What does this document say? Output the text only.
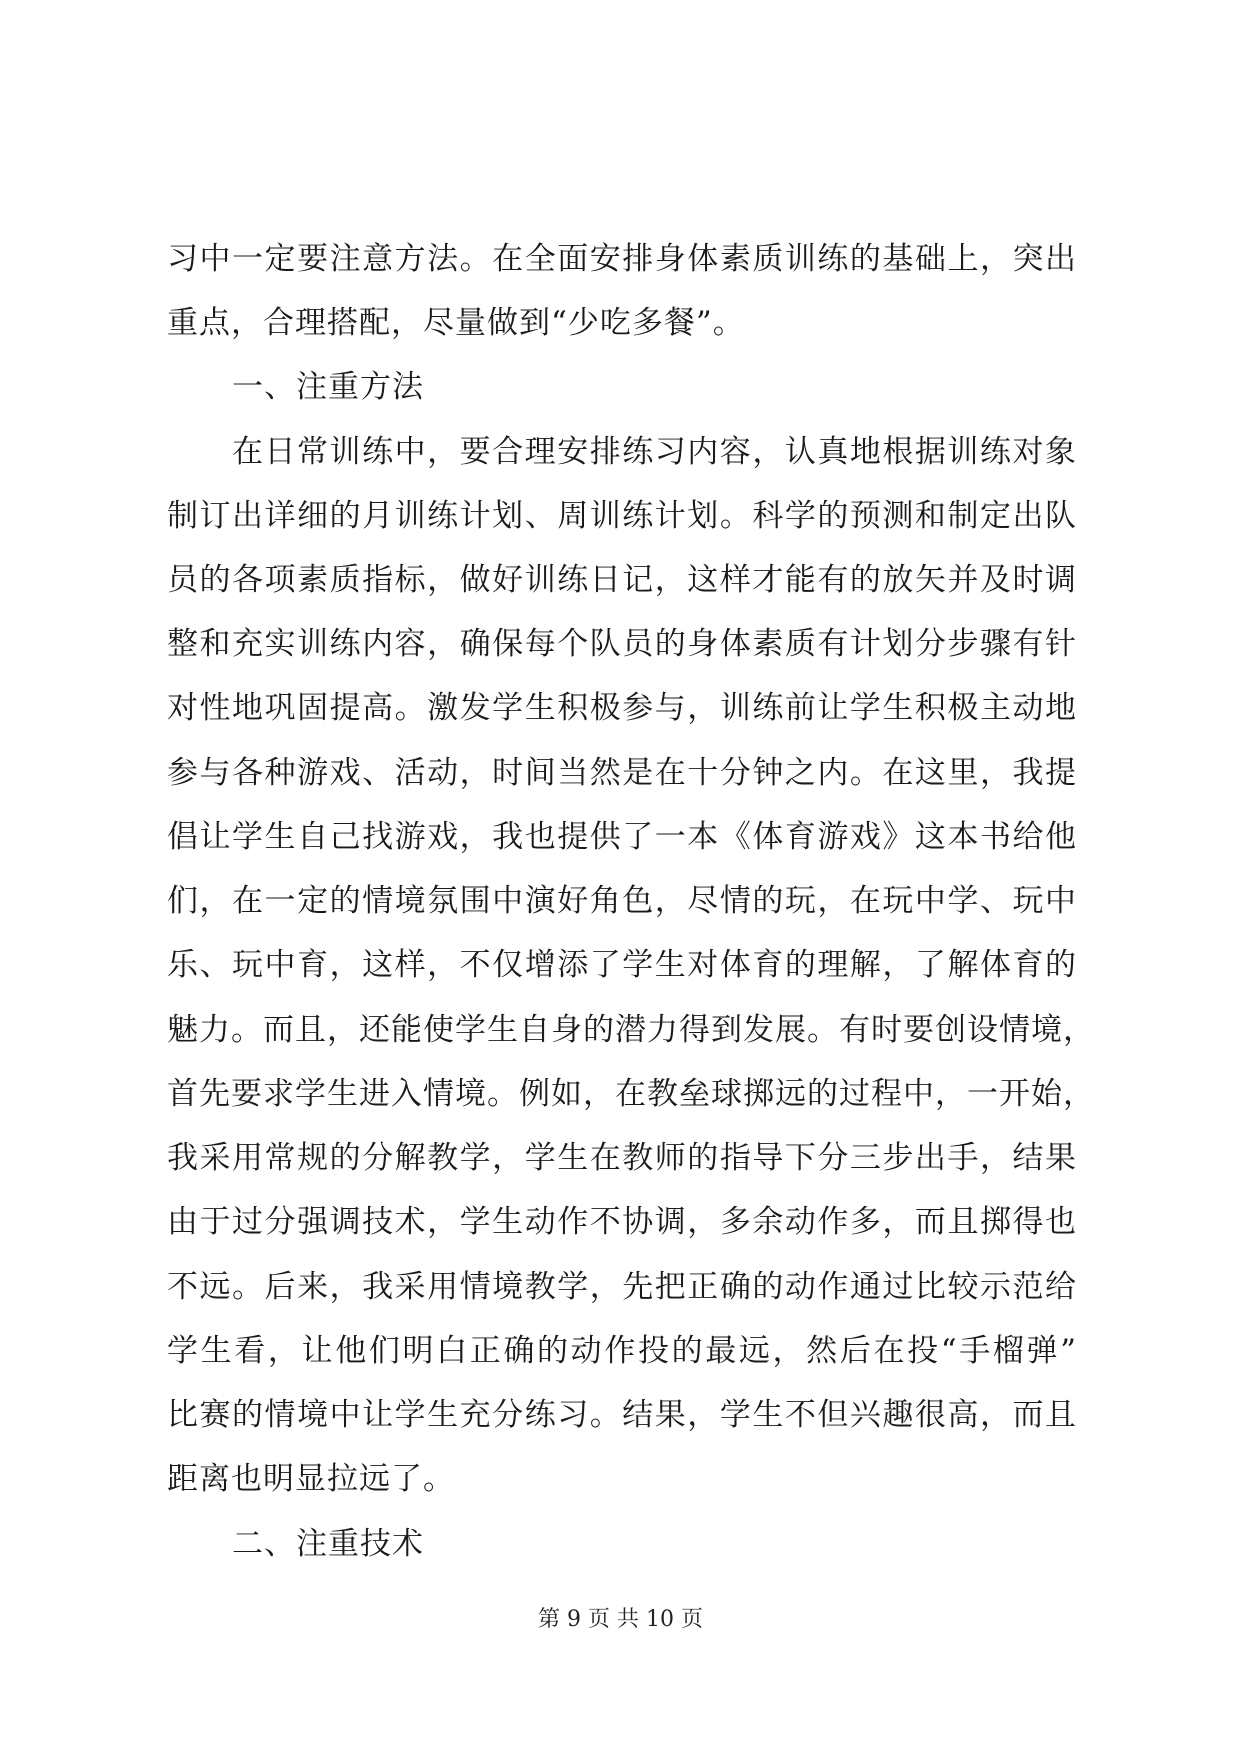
习中一定要注意方法。在全面安排身体素质训练的基础上，突出
重点，合理搭配，尽量做到“少吃多餐”。
一、注重方法
在日常训练中，要合理安排练习内容，认真地根据训练对象
制订出详细的月训练计划、周训练计划。科学的预测和制定出队
员的各项素质指标，做好训练日记，这样才能有的放矢并及时调
整和充实训练内容，确保每个队员的身体素质有计划分步骤有针
对性地巩固提高。激发学生积极参与，训练前让学生积极主动地
参与各种游戏、活动，时间当然是在十分钟之内。在这里，我提
倡让学生自己找游戏，我也提供了一本《体育游戏》这本书给他
们，在一定的情境氛围中演好角色，尽情的玩，在玩中学、玩中
乐、玩中育，这样，不仅增添了学生对体育的理解，了解体育的
魅力。而且，还能使学生自身的潜力得到发展。有时要创设情境，
首先要求学生进入情境。例如，在教垒球掷远的过程中，一开始，
我采用常规的分解教学，学生在教师的指导下分三步出手，结果
由于过分强调技术，学生动作不协调，多余动作多，而且掷得也
不远。后来，我采用情境教学，先把正确的动作通过比较示范给
学生看，让他们明白正确的动作投的最远，然后在投“手榴弹”
比赛的情境中让学生充分练习。结果，学生不但兴趣很高，而且
距离也明显拉远了。
二、注重技术
第 9 页 共 10 页
